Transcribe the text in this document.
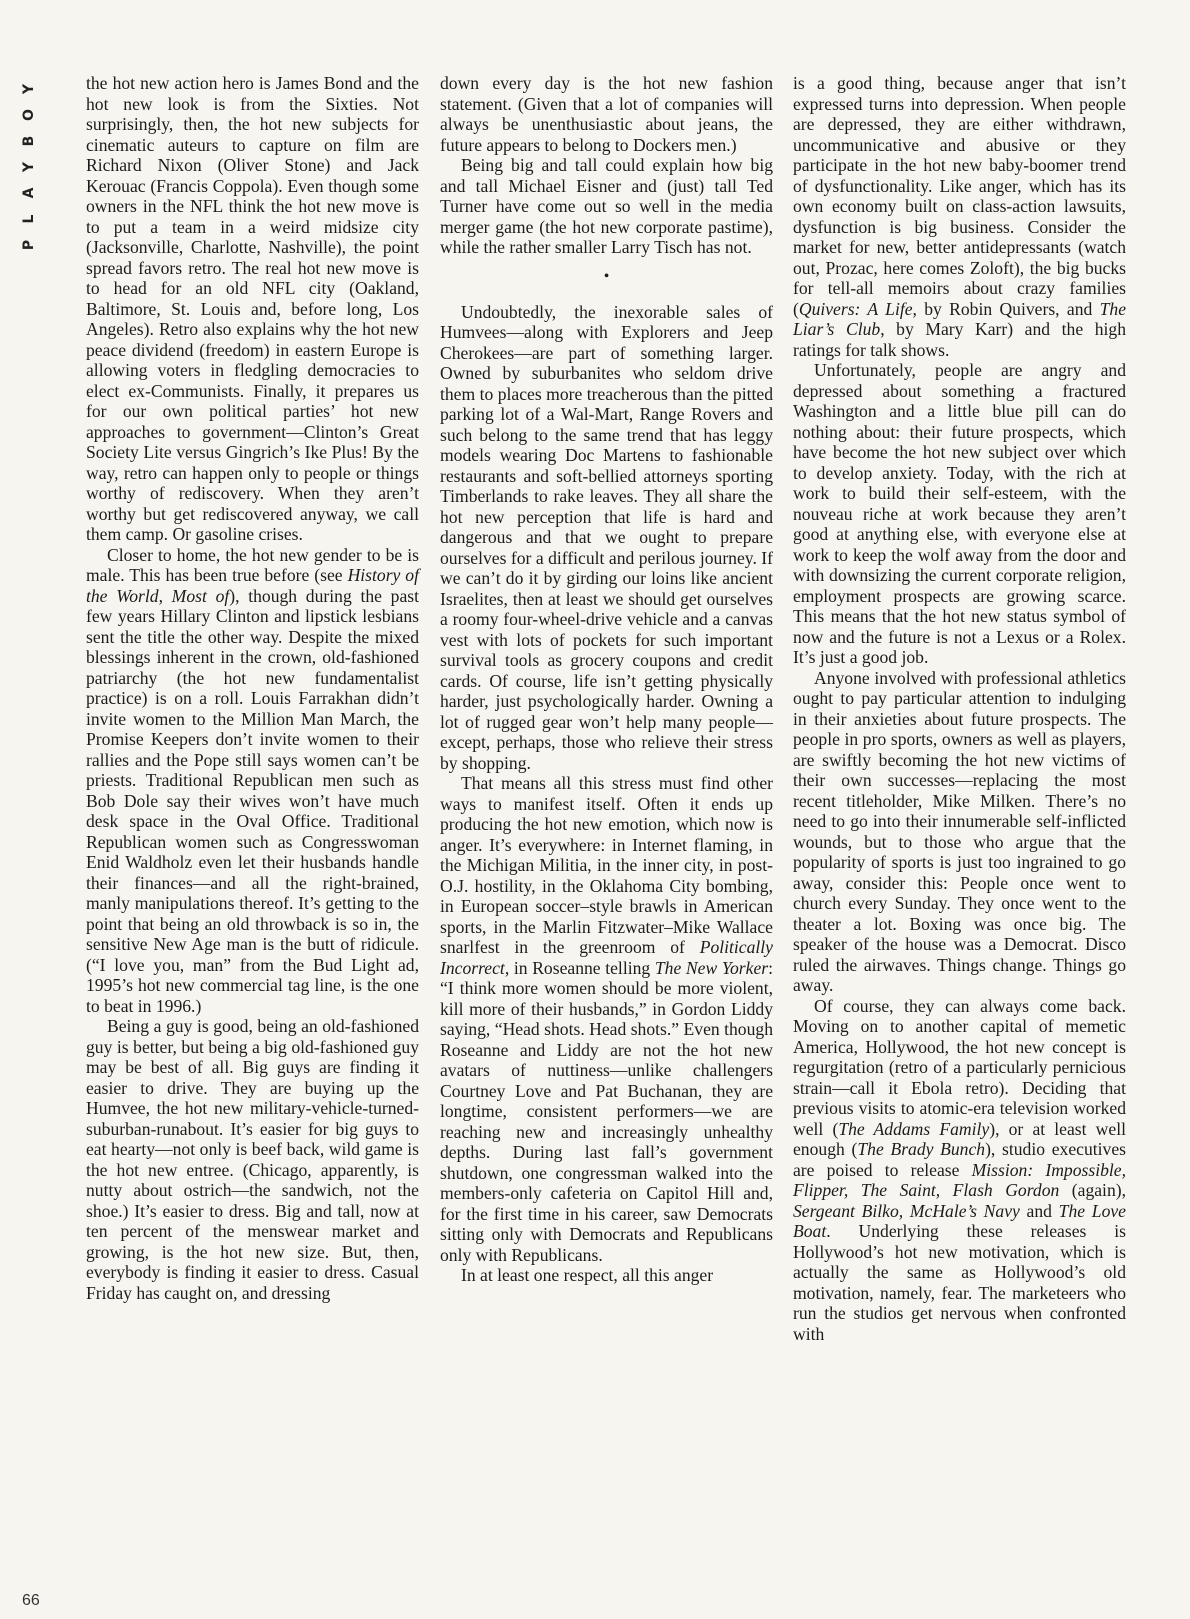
Y
O
B
Y
A
L
P
66

the hot new action hero is James Bond and the hot new look is from the Sixties. Not surprisingly, then, the hot new subjects for cinematic auteurs to capture on film are Richard Nixon (Oliver Stone) and Jack Kerouac (Francis Coppola). Even though some owners in the NFL think the hot new move is to put a team in a weird midsize city (Jacksonville, Charlotte, Nashville), the point spread favors retro. The real hot new move is to head for an old NFL city (Oakland, Baltimore, St. Louis and, before long, Los Angeles). Retro also explains why the hot new peace dividend (freedom) in eastern Europe is allowing voters in fledgling democracies to elect ex-Communists. Finally, it prepares us for our own political parties’ hot new approaches to government—Clinton’s Great Society Lite versus Gingrich’s Ike Plus! By the way, retro can happen only to people or things worthy of rediscovery. When they aren’t worthy but get rediscovered anyway, we call them camp. Or gasoline crises.

Closer to home, the hot new gender to be is male. This has been true before (see History of the World, Most of), though during the past few years Hillary Clinton and lipstick lesbians sent the title the other way. Despite the mixed blessings inherent in the crown, old-fashioned patriarchy (the hot new fundamentalist practice) is on a roll. Louis Farrakhan didn’t invite women to the Million Man March, the Promise Keepers don’t invite women to their rallies and the Pope still says women can’t be priests. Traditional Republican men such as Bob Dole say their wives won’t have much desk space in the Oval Office. Traditional Republican women such as Congresswoman Enid Waldholz even let their husbands handle their finances—and all the right-brained, manly manipulations thereof. It’s getting to the point that being an old throwback is so in, the sensitive New Age man is the butt of ridicule. (“I love you, man” from the Bud Light ad, 1995’s hot new commercial tag line, is the one to beat in 1996.)

Being a guy is good, being an old-fashioned guy is better, but being a big old-fashioned guy may be best of all. Big guys are finding it easier to drive. They are buying up the Humvee, the hot new military-vehicle-turned-suburban-runabout. It’s easier for big guys to eat hearty—not only is beef back, wild game is the hot new entree. (Chicago, apparently, is nutty about ostrich—the sandwich, not the shoe.) It’s easier to dress. Big and tall, now at ten percent of the menswear market and growing, is the hot new size. But, then, everybody is finding it easier to dress. Casual Friday has caught on, and dressing

down every day is the hot new fashion statement. (Given that a lot of companies will always be unenthusiastic about jeans, the future appears to belong to Dockers men.)

Being big and tall could explain how big and tall Michael Eisner and (just) tall Ted Turner have come out so well in the media merger game (the hot new corporate pastime), while the rather smaller Larry Tisch has not.

•

Undoubtedly, the inexorable sales of Humvees—along with Explorers and Jeep Cherokees—are part of something larger. Owned by suburbanites who seldom drive them to places more treacherous than the pitted parking lot of a Wal-Mart, Range Rovers and such belong to the same trend that has leggy models wearing Doc Martens to fashionable restaurants and soft-bellied attorneys sporting Timberlands to rake leaves. They all share the hot new perception that life is hard and dangerous and that we ought to prepare ourselves for a difficult and perilous journey. If we can’t do it by girding our loins like ancient Israelites, then at least we should get ourselves a roomy four-wheel-drive vehicle and a canvas vest with lots of pockets for such important survival tools as grocery coupons and credit cards. Of course, life isn’t getting physically harder, just psychologically harder. Owning a lot of rugged gear won’t help many people—except, perhaps, those who relieve their stress by shopping.

That means all this stress must find other ways to manifest itself. Often it ends up producing the hot new emotion, which now is anger. It’s everywhere: in Internet flaming, in the Michigan Militia, in the inner city, in post-O.J. hostility, in the Oklahoma City bombing, in European soccer–style brawls in American sports, in the Marlin Fitzwater–Mike Wallace snarlfest in the greenroom of Politically Incorrect, in Roseanne telling The New Yorker: “I think more women should be more violent, kill more of their husbands,” in Gordon Liddy saying, “Head shots. Head shots.” Even though Roseanne and Liddy are not the hot new avatars of nuttiness—unlike challengers Courtney Love and Pat Buchanan, they are longtime, consistent performers—we are reaching new and increasingly unhealthy depths. During last fall’s government shutdown, one congressman walked into the members-only cafeteria on Capitol Hill and, for the first time in his career, saw Democrats sitting only with Democrats and Republicans only with Republicans.

In at least one respect, all this anger

is a good thing, because anger that isn’t expressed turns into depression. When people are depressed, they are either withdrawn, uncommunicative and abusive or they participate in the hot new baby-boomer trend of dysfunctionality. Like anger, which has its own economy built on class-action lawsuits, dysfunction is big business. Consider the market for new, better antidepressants (watch out, Prozac, here comes Zoloft), the big bucks for tell-all memoirs about crazy families (Quivers: A Life, by Robin Quivers, and The Liar’s Club, by Mary Karr) and the high ratings for talk shows.

Unfortunately, people are angry and depressed about something a fractured Washington and a little blue pill can do nothing about: their future prospects, which have become the hot new subject over which to develop anxiety. Today, with the rich at work to build their self-esteem, with the nouveau riche at work because they aren’t good at anything else, with everyone else at work to keep the wolf away from the door and with downsizing the current corporate religion, employment prospects are growing scarce. This means that the hot new status symbol of now and the future is not a Lexus or a Rolex. It’s just a good job.

Anyone involved with professional athletics ought to pay particular attention to indulging in their anxieties about future prospects. The people in pro sports, owners as well as players, are swiftly becoming the hot new victims of their own successes—replacing the most recent titleholder, Mike Milken. There’s no need to go into their innumerable self-inflicted wounds, but to those who argue that the popularity of sports is just too ingrained to go away, consider this: People once went to church every Sunday. They once went to the theater a lot. Boxing was once big. The speaker of the house was a Democrat. Disco ruled the airwaves. Things change. Things go away.

Of course, they can always come back. Moving on to another capital of memetic America, Hollywood, the hot new concept is regurgitation (retro of a particularly pernicious strain—call it Ebola retro). Deciding that previous visits to atomic-era television worked well (The Addams Family), or at least well enough (The Brady Bunch), studio executives are poised to release Mission: Impossible, Flipper, The Saint, Flash Gordon (again), Sergeant Bilko, McHale’s Navy and The Love Boat. Underlying these releases is Hollywood’s hot new motivation, which is actually the same as Hollywood’s old motivation, namely, fear. The marketeers who run the studios get nervous when confronted with
